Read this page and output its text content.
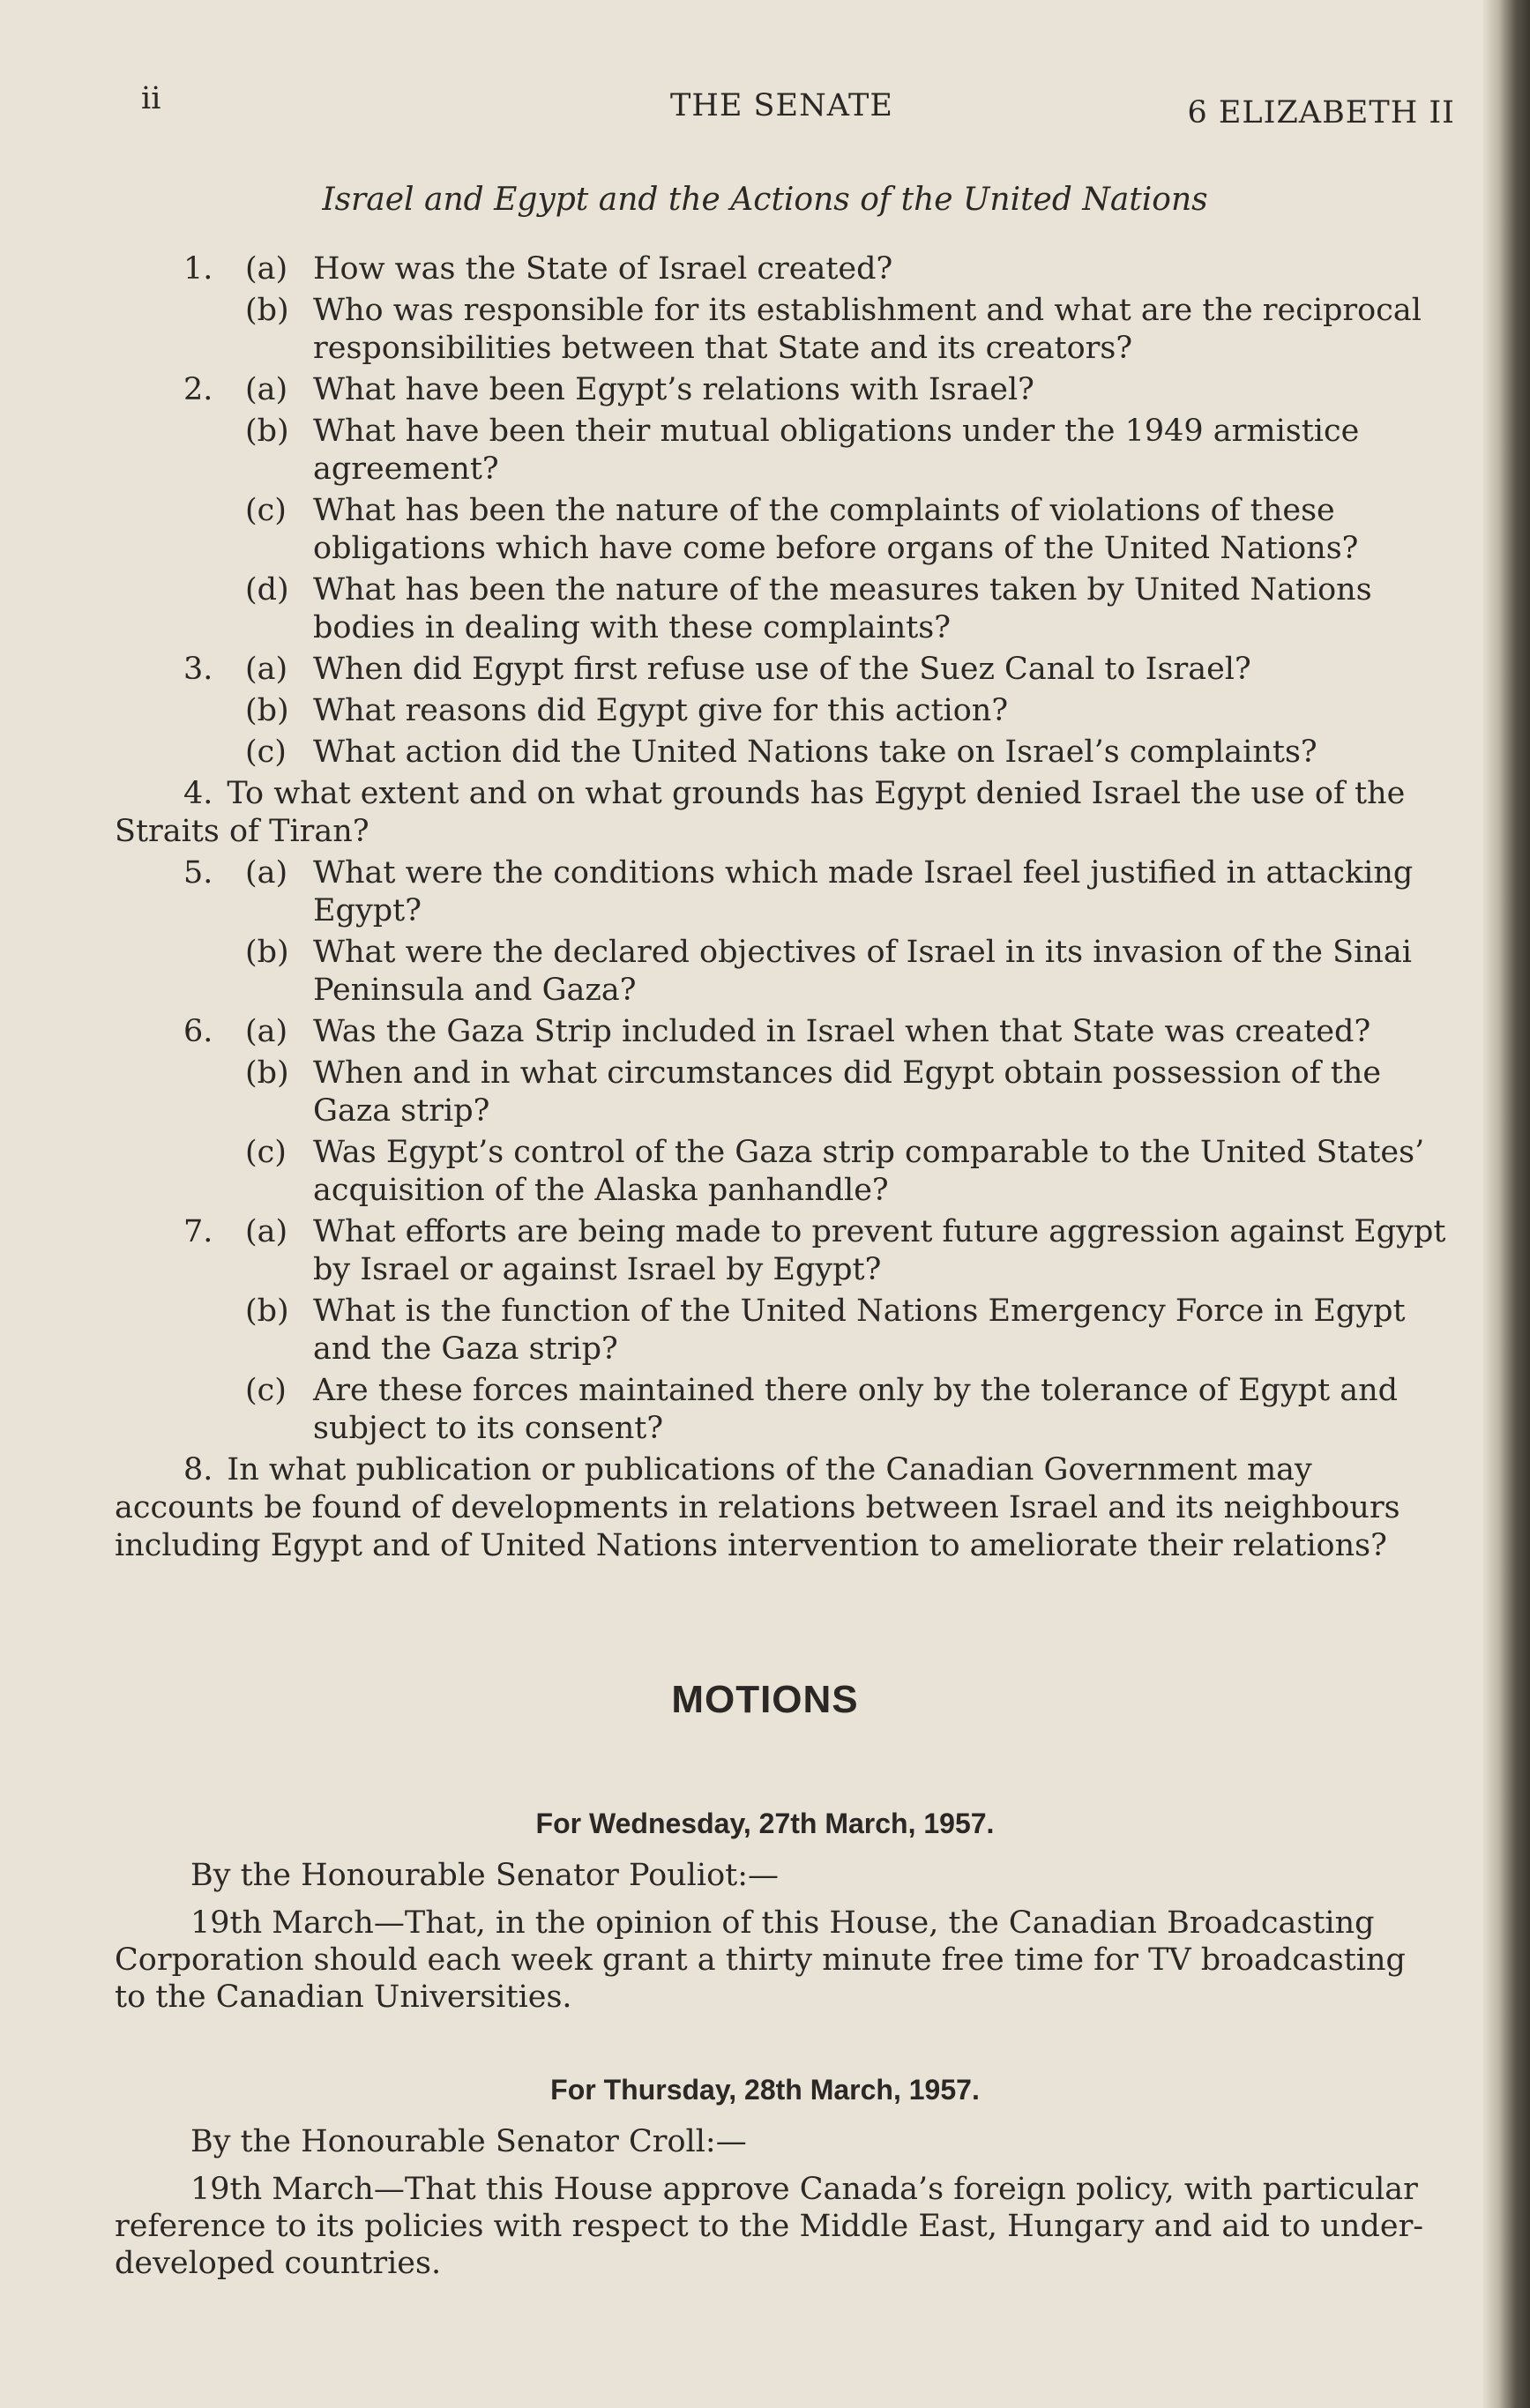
ii	THE SENATE	6 ELIZABETH II
Israel and Egypt and the Actions of the United Nations
1. (a) How was the State of Israel created?
(b) Who was responsible for its establishment and what are the reciprocal responsibilities between that State and its creators?
2. (a) What have been Egypt’s relations with Israel?
(b) What have been their mutual obligations under the 1949 armistice agreement?
(c) What has been the nature of the complaints of violations of these obligations which have come before organs of the United Nations?
(d) What has been the nature of the measures taken by United Nations bodies in dealing with these complaints?
3. (a) When did Egypt first refuse use of the Suez Canal to Israel?
(b) What reasons did Egypt give for this action?
(c) What action did the United Nations take on Israel’s complaints?
4. To what extent and on what grounds has Egypt denied Israel the use of the Straits of Tiran?
5. (a) What were the conditions which made Israel feel justified in attacking Egypt?
(b) What were the declared objectives of Israel in its invasion of the Sinai Peninsula and Gaza?
6. (a) Was the Gaza Strip included in Israel when that State was created?
(b) When and in what circumstances did Egypt obtain possession of the Gaza strip?
(c) Was Egypt’s control of the Gaza strip comparable to the United States’ acquisition of the Alaska panhandle?
7. (a) What efforts are being made to prevent future aggression against Egypt by Israel or against Israel by Egypt?
(b) What is the function of the United Nations Emergency Force in Egypt and the Gaza strip?
(c) Are these forces maintained there only by the tolerance of Egypt and subject to its consent?
8. In what publication or publications of the Canadian Government may accounts be found of developments in relations between Israel and its neighbours including Egypt and of United Nations intervention to ameliorate their relations?
MOTIONS
For Wednesday, 27th March, 1957.
By the Honourable Senator Pouliot:—
19th March—That, in the opinion of this House, the Canadian Broadcasting Corporation should each week grant a thirty minute free time for TV broadcasting to the Canadian Universities.
For Thursday, 28th March, 1957.
By the Honourable Senator Croll:—
19th March—That this House approve Canada’s foreign policy, with particular reference to its policies with respect to the Middle East, Hungary and aid to under-developed countries.
